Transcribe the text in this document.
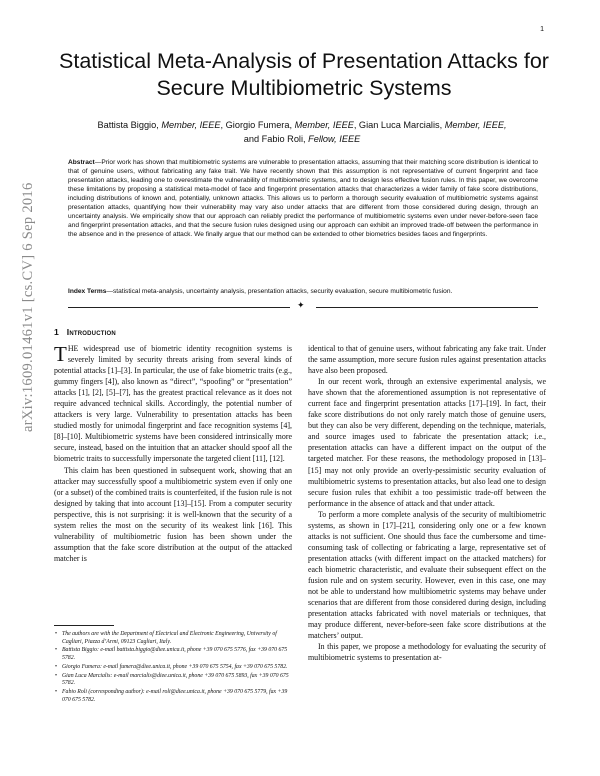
1
arXiv:1609.01461v1 [cs.CV] 6 Sep 2016
Statistical Meta-Analysis of Presentation Attacks for Secure Multibiometric Systems
Battista Biggio, Member, IEEE, Giorgio Fumera, Member, IEEE, Gian Luca Marcialis, Member, IEEE,
and Fabio Roli, Fellow, IEEE
Abstract—Prior work has shown that multibiometric systems are vulnerable to presentation attacks, assuming that their matching score distribution is identical to that of genuine users, without fabricating any fake trait. We have recently shown that this assumption is not representative of current fingerprint and face presentation attacks, leading one to overestimate the vulnerability of multibiometric systems, and to design less effective fusion rules. In this paper, we overcome these limitations by proposing a statistical meta-model of face and fingerprint presentation attacks that characterizes a wider family of fake score distributions, including distributions of known and, potentially, unknown attacks. This allows us to perform a thorough security evaluation of multibiometric systems against presentation attacks, quantifying how their vulnerability may vary also under attacks that are different from those considered during design, through an uncertainty analysis. We empirically show that our approach can reliably predict the performance of multibiometric systems even under never-before-seen face and fingerprint presentation attacks, and that the secure fusion rules designed using our approach can exhibit an improved trade-off between the performance in the absence and in the presence of attack. We finally argue that our method can be extended to other biometrics besides faces and fingerprints.
Index Terms—statistical meta-analysis, uncertainty analysis, presentation attacks, security evaluation, secure multibiometric fusion.
✦
1 Introduction

THE widespread use of biometric identity recognition systems is severely limited by security threats arising from several kinds of potential attacks [1]–[3]. In particular, the use of fake biometric traits (e.g., gummy fingers [4]), also known as “direct”, “spoofing” or “presentation” attacks [1], [2], [5]–[7], has the greatest practical relevance as it does not require advanced technical skills. Accordingly, the potential number of attackers is very large. Vulnerability to presentation attacks has been studied mostly for unimodal fingerprint and face recognition systems [4], [8]–[10]. Multibiometric systems have been considered intrinsically more secure, instead, based on the intuition that an attacker should spoof all the biometric traits to successfully impersonate the targeted client [11], [12].

This claim has been questioned in subsequent work, showing that an attacker may successfully spoof a multibiometric system even if only one (or a subset) of the combined traits is counterfeited, if the fusion rule is not designed by taking that into account [13]–[15]. From a computer security perspective, this is not surprising: it is well-known that the security of a system relies the most on the security of its weakest link [16]. This vulnerability of multibiometric fusion has been shown under the assumption that the fake score distribution at the output of the attacked matcher is

• The authors are with the Department of Electrical and Electronic Engineering, University of Cagliari, Piazza d’Armi, 09123 Cagliari, Italy.
• Battista Biggio: e-mail battista.biggio@diee.unica.it, phone +39 070 675 5776, fax +39 070 675 5782.
• Giorgio Fumera: e-mail fumera@diee.unica.it, phone +39 070 675 5754, fax +39 070 675 5782.
• Gian Luca Marcialis: e-mail marcialis@diee.unica.it, phone +39 070 675 5893, fax +39 070 675 5782.
• Fabio Roli (corresponding author): e-mail roli@diee.unica.it, phone +39 070 675 5779, fax +39 070 675 5782.

identical to that of genuine users, without fabricating any fake trait. Under the same assumption, more secure fusion rules against presentation attacks have also been proposed.

In our recent work, through an extensive experimental analysis, we have shown that the aforementioned assumption is not representative of current face and fingerprint presentation attacks [17]–[19]. In fact, their fake score distributions do not only rarely match those of genuine users, but they can also be very different, depending on the technique, materials, and source images used to fabricate the presentation attack; i.e., presentation attacks can have a different impact on the output of the targeted matcher. For these reasons, the methodology proposed in [13]–[15] may not only provide an overly-pessimistic security evaluation of multibiometric systems to presentation attacks, but also lead one to design secure fusion rules that exhibit a too pessimistic trade-off between the performance in the absence of attack and that under attack.

To perform a more complete analysis of the security of multibiometric systems, as shown in [17]–[21], considering only one or a few known attacks is not sufficient. One should thus face the cumbersome and time-consuming task of collecting or fabricating a large, representative set of presentation attacks (with different impact on the attacked matchers) for each biometric characteristic, and evaluate their subsequent effect on the fusion rule and on system security. However, even in this case, one may not be able to understand how multibiometric systems may behave under scenarios that are different from those considered during design, including presentation attacks fabricated with novel materials or techniques, that may produce different, never-before-seen fake score distributions at the matchers’ output.

In this paper, we propose a methodology for evaluating the security of multibiometric systems to presentation at-
